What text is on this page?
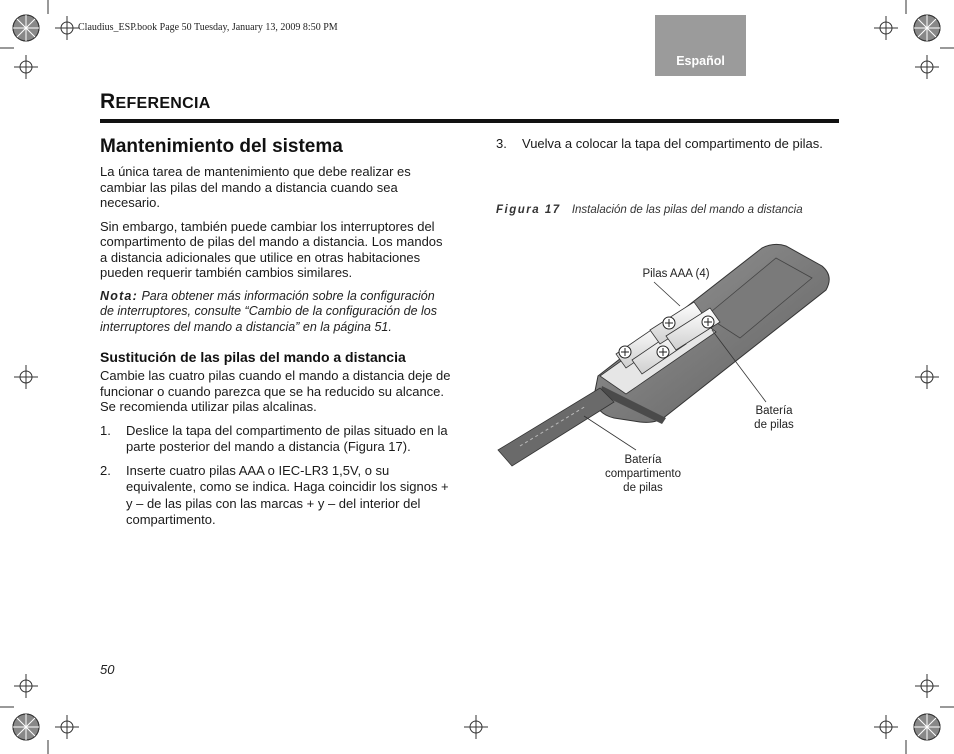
Claudius_ESP.book Page 50 Tuesday, January 13, 2009 8:50 PM
Español
REFERENCIA
Mantenimiento del sistema

La única tarea de mantenimiento que debe realizar es cambiar las pilas del mando a distancia cuando sea necesario.

Sin embargo, también puede cambiar los interruptores del compartimento de pilas del mando a distancia. Los mandos a distancia adicionales que utilice en otras habitaciones pueden requerir también cambios similares.

Nota: Para obtener más información sobre la configuración de interruptores, consulte “Cambio de la configuración de los interruptores del mando a distancia” en la página 51.

Sustitución de las pilas del mando a distancia

Cambie las cuatro pilas cuando el mando a distancia deje de funcionar o cuando parezca que se ha reducido su alcance. Se recomienda utilizar pilas alcalinas.

1. Deslice la tapa del compartimento de pilas situado en la parte posterior del mando a distancia (Figura 17).
2. Inserte cuatro pilas AAA o IEC-LR3 1,5V, o su equivalente, como se indica. Haga coincidir los signos + y – de las pilas con las marcas + y – del interior del compartimento.
3. Vuelva a colocar la tapa del compartimento de pilas.
Figura 17 Instalación de las pilas del mando a distancia
Pilas AAA (4)
Batería
de pilas
Batería
compartimento
de pilas
50
